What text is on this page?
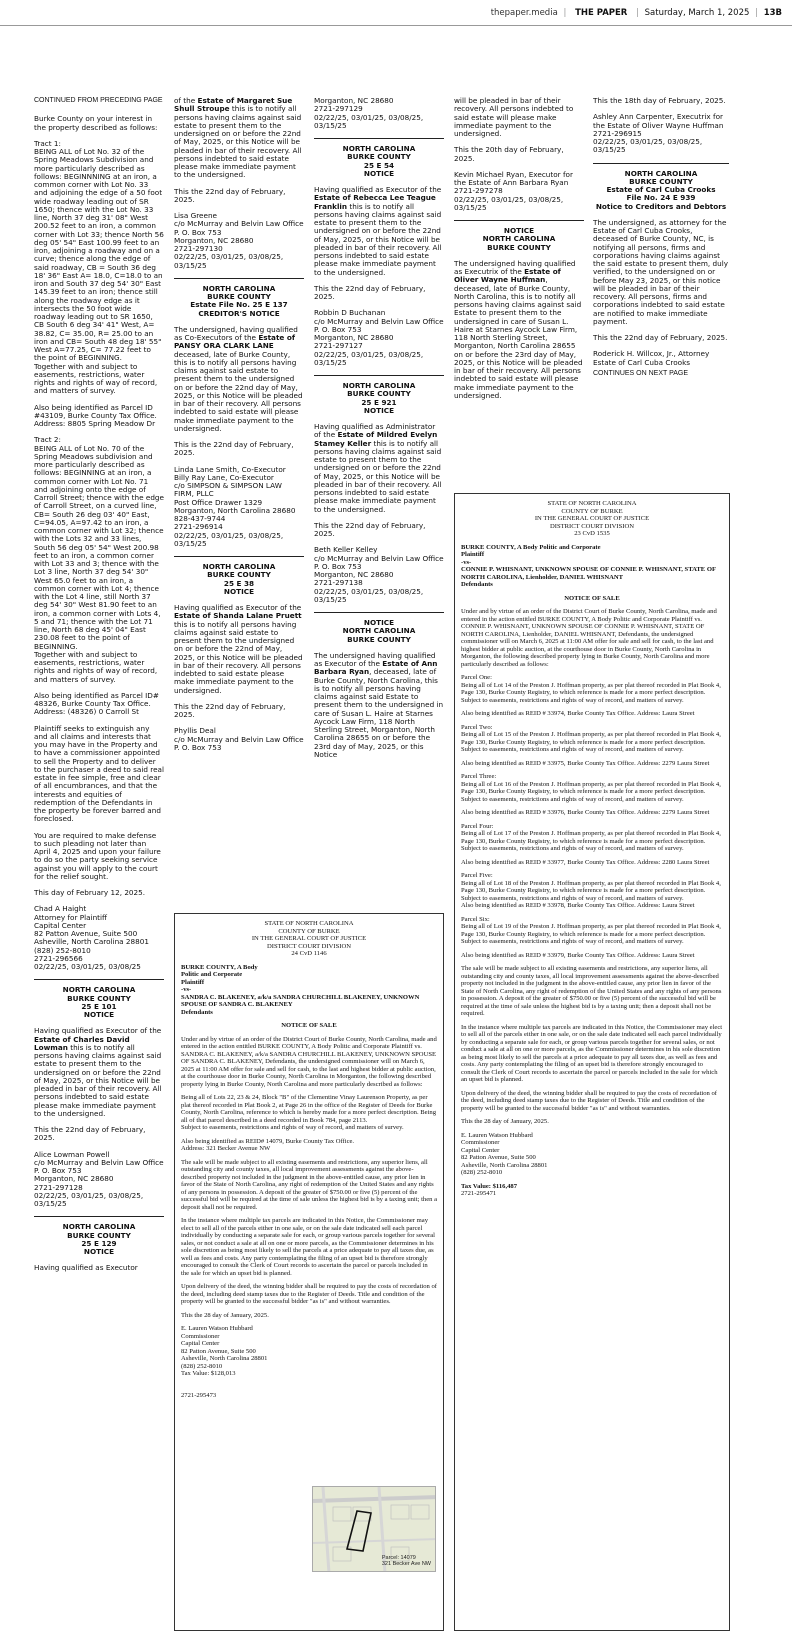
thepaper.media | THE PAPER | Saturday, March 1, 2025 | 13B
CONTINUED FROM PRECEDING PAGE

Burke County on your interest in the property described as follows:

Tract 1:

BEING ALL of Lot No. 32 of the Spring Meadows Subdivision and more particularly described as follows: BEGINNNING at an iron, a common corner with Lot No. 33 and adjoining the edge of a 50 foot wide roadway leading out of SR 1650; thence with the Lot No. 33 line, North 37 deg 31' 08" West 200.52 feet to an iron, a common corner with Lot 33; thence North 56 deg 05' 54" East 100.99 feet to an iron, adjoining a roadway and on a curve; thence along the edge of said roadway, CB = South 36 deg 18' 36" East A= 18.0, C=18.0 to an iron and South 37 deg 54' 30" East 145.39 feet to an iron; thence still along the roadway edge as it intersects the 50 foot wide roadway leading out to SR 1650, CB South 6 deg 34' 41" West, A= 38.82, C= 35.00, R= 25.00 to an iron and CB= South 48 deg 18' 55" West A=77.25, C= 77.22 feet to the point of BEGINNING.

Together with and subject to easements, restrictions, water rights and rights of way of record, and matters of survey.

Also being identified as Parcel ID #43109, Burke County Tax Office.

Address: 8805 Spring Meadow Dr

Tract 2:

BEING ALL of Lot No. 70 of the Spring Meadows subdivision and more particularly described as follows: BEGINNING at an iron, a common corner with Lot No. 71 and adjoining onto the edge of Carroll Street; thence with the edge of Carroll Street, on a curved line, CB= South 26 deg 03' 40" East, C=94.05, A=97.42 to an iron, a common corner with Lot 32; thence with the Lots 32 and 33 lines, South 56 deg 05' 54" West 200.98 feet to an iron, a common corner with Lot 33 and 3; thence with the Lot 3 line, North 37 deg 54' 30" West 65.0 feet to an iron, a common corner with Lot 4; thence with the Lot 4 line, still North 37 deg 54' 30" West 81.90 feet to an iron, a common corner with Lots 4, 5 and 71; thence with the Lot 71 line, North 68 deg 45' 04" East 230.08 feet to the point of BEGINNING.

Together with and subject to easements, restrictions, water rights and rights of way of record, and matters of survey.

Also being identified as Parcel ID# 48326, Burke County Tax Office.

Address: (48326) 0 Carroll St

Plaintiff seeks to extinguish any and all claims and interests that you may have in the Property and to have a commissioner appointed to sell the Property and to deliver to the purchaser a deed to said real estate in fee simple, free and clear of all encumbrances, and that the interests and equities of redemption of the Defendants in the property be forever barred and foreclosed.

You are required to make defense to such pleading not later than April 4, 2025 and upon your failure to do so the party seeking service against you will apply to the court for the relief sought.

This day of February 12, 2025.

Chad A Haight
Attorney for Plaintiff
Capital Center
82 Patton Avenue, Suite 500
Asheville, North Carolina 28801
(828) 252-8010
2721-296566
02/22/25, 03/01/25, 03/08/25

NORTH CAROLINA
BURKE COUNTY
25 E 101
NOTICE

Having qualified as Executor of the Estate of Charles David Lowman this is to notify all persons having claims against said estate to present them to the undersigned on or before the 22nd of May, 2025, or this Notice will be pleaded in bar of their recovery. All persons indebted to said estate please make immediate payment to the undersigned.

This the 22nd day of February, 2025.

Alice Lowman Powell
c/o McMurray and Belvin Law Office
P. O. Box 753
Morganton, NC 28680
2721-297128
02/22/25, 03/01/25, 03/08/25, 03/15/25

NORTH CAROLINA
BURKE COUNTY
25 E 129
NOTICE

Having qualified as Executor

of the Estate of Margaret Sue Shull Stroupe this is to notify all persons having claims against said estate to present them to the undersigned on or before the 22nd of May, 2025, or this Notice will be pleaded in bar of their recovery. All persons indebted to said estate please make immediate payment to the undersigned.

This the 22nd day of February, 2025.

Lisa Greene
c/o McMurray and Belvin Law Office
P. O. Box 753
Morganton, NC 28680
2721-297130
02/22/25, 03/01/25, 03/08/25, 03/15/25

NORTH CAROLINA
BURKE COUNTY
Estate File No. 25 E 137
CREDITOR'S NOTICE

The undersigned, having qualified as Co-Executors of the Estate of PANSY ORA CLARK LANE deceased, late of Burke County, this is to notify all persons having claims against said estate to present them to the undersigned on or before the 22nd day of May, 2025, or this Notice will be pleaded in bar of their recovery. All persons indebted to said estate will please make immediate payment to the undersigned.

This is the 22nd day of February, 2025.

Linda Lane Smith, Co-Executor
Billy Ray Lane, Co-Executor
c/o SIMPSON & SIMPSON LAW FIRM, PLLC
Post Office Drawer 1329
Morganton, North Carolina 28680
828-437-9744
2721-296914
02/22/25, 03/01/25, 03/08/25, 03/15/25

NORTH CAROLINA
BURKE COUNTY
25 E 38
NOTICE

Having qualified as Executor of the Estate of Shanda Lalane Pruett this is to notify all persons having claims against said estate to present them to the undersigned on or before the 22nd of May, 2025, or this Notice will be pleaded in bar of their recovery. All persons indebted to said estate please make immediate payment to the undersigned.

This the 22nd day of February, 2025.

Phyllis Deal
c/o McMurray and Belvin Law Office
P. O. Box 753

Morganton, NC 28680
2721-297129
02/22/25, 03/01/25, 03/08/25, 03/15/25

NORTH CAROLINA
BURKE COUNTY
25 E 54
NOTICE

Having qualified as Executor of the Estate of Rebecca Lee Teague Franklin this is to notify all persons having claims against said estate to present them to the undersigned on or before the 22nd of May, 2025, or this Notice will be pleaded in bar of their recovery. All persons indebted to said estate please make immediate payment to the undersigned.

This the 22nd day of February, 2025.

Robbin D Buchanan
c/o McMurray and Belvin Law Office
P. O. Box 753
Morganton, NC 28680
2721-297127
02/22/25, 03/01/25, 03/08/25, 03/15/25

NORTH CAROLINA
BURKE COUNTY
25 E 921
NOTICE

Having qualified as Administrator of the Estate of Mildred Evelyn Stamey Keller this is to notify all persons having claims against said estate to present them to the undersigned on or before the 22nd of May, 2025, or this Notice will be pleaded in bar of their recovery. All persons indebted to said estate please make immediate payment to the undersigned.

This the 22nd day of February, 2025.

Beth Keller Kelley
c/o McMurray and Belvin Law Office
P. O. Box 753
Morganton, NC 28680
2721-297138
02/22/25, 03/01/25, 03/08/25, 03/15/25

NOTICE
NORTH CAROLINA
BURKE COUNTY

The undersigned having qualified as Executor of the Estate of Ann Barbara Ryan, deceased, late of Burke County, North Carolina, this is to notify all persons having claims against said Estate to present them to the undersigned in care of Susan L. Haire at Starnes Aycock Law Firm, 118 North Sterling Street, Morganton, North Carolina 28655 on or before the 23rd day of May, 2025, or this Notice

will be pleaded in bar of their recovery. All persons indebted to said estate will please make immediate payment to the undersigned.

This the 20th day of February, 2025.

Kevin Michael Ryan, Executor for the Estate of Ann Barbara Ryan
2721-297278
02/22/25, 03/01/25, 03/08/25, 03/15/25

NOTICE
NORTH CAROLINA
BURKE COUNTY

The undersigned having qualified as Executrix of the Estate of Oliver Wayne Huffman, deceased, late of Burke County, North Carolina, this is to notify all persons having claims against said Estate to present them to the undersigned in care of Susan L. Haire at Starnes Aycock Law Firm, 118 North Sterling Street, Morganton, North Carolina 28655 on or before the 23rd day of May, 2025, or this Notice will be pleaded in bar of their recovery. All persons indebted to said estate will please make immediate payment to the undersigned.

This the 18th day of February, 2025.

Ashley Ann Carpenter, Executrix for the Estate of Oliver Wayne Huffman
2721-296915
02/22/25, 03/01/25, 03/08/25, 03/15/25

NORTH CAROLINA
BURKE COUNTY
Estate of Carl Cuba Crooks
File No. 24 E 939
Notice to Creditors and Debtors

The undersigned, as attorney for the Estate of Carl Cuba Crooks, deceased of Burke County, NC, is notifying all persons, firms and corporations having claims against the said estate to present them, duly verified, to the undersigned on or before May 23, 2025, or this notice will be pleaded in bar of their recovery. All persons, firms and corporations indebted to said estate are notified to make immediate payment.

This the 22nd day of February, 2025.

Roderick H. Willcox, Jr., Attorney
Estate of Carl Cuba Crooks

CONTINUES ON NEXT PAGE
STATE OF NORTH CAROLINA
COUNTY OF BURKE
IN THE GENERAL COURT OF JUSTICE
DISTRICT COURT DIVISION
24 CvD 1146
BURKE COUNTY, A Body
Politic and Corporate
Plaintiff
-vs-
SANDRA C. BLAKENEY, a/k/a SANDRA CHURCHILL BLAKENEY, UNKNOWN SPOUSE OF SANDRA C. BLAKENEY
Defendants
NOTICE OF SALE

Under and by virtue of an order of the District Court of Burke County, North Carolina, made and entered in the action entitled BURKE COUNTY, A Body Politic and Corporate Plaintiff vs. SANDRA C. BLAKENEY, a/k/a SANDRA CHURCHILL BLAKENEY, UNKNOWN SPOUSE OF SANDRA C. BLAKENEY, Defendants, the undersigned commissioner will on March 6, 2025 at 11:00 AM offer for sale and sell for cash, to the last and highest bidder at public auction, at the courthouse door in Burke County, North Carolina in Morganton, the following described property lying in Burke County, North Carolina and more particularly described as follows:

Being all of Lots 22, 23 & 24, Block "B" of the Clementine Vinay Laurenson Property, as per plat thereof recorded in Plat Book 2, at Page 26 in the office of the Register of Deeds for Burke County, North Carolina, reference to which is hereby made for a more perfect description. Being all of that parcel described in a deed recorded in Book 784, page 2113.

Subject to easements, restrictions and rights of way of record, and matters of survey.

Also being identified as REID# 14079, Burke County Tax Office.

Address: 321 Becker Avenue NW

The sale will be made subject to all existing easements and restrictions, any superior liens, all outstanding city and county taxes, all local improvement assessments against the above-described property not included in the judgment in the above-entitled cause, any prior lien in favor of the State of North Carolina, any right of redemption of the United States and any rights of any persons in possession. A deposit of the greater of $750.00 or five (5) percent of the successful bid will be required at the time of sale unless the highest bid is by a taxing unit; then a deposit shall not be required.

In the instance where multiple tax parcels are indicated in this Notice, the Commissioner may elect to sell all of the parcels either in one sale, or on the sale date indicated sell each parcel individually by conducting a separate sale for each, or group various parcels together for several sales, or not conduct a sale at all on one or more parcels, as the Commissioner determines in his sole discretion as being most likely to sell the parcels at a price adequate to pay all taxes due, as well as fees and costs. Any party contemplating the filing of an upset bid is therefore strongly encouraged to consult the Clerk of Court records to ascertain the parcel or parcels included in the sale for which an upset bid is planned.

Upon delivery of the deed, the winning bidder shall be required to pay the costs of recordation of the deed, including deed stamp taxes due to the Register of Deeds. Title and condition of the property will be granted to the successful bidder "as is" and without warranties.

This the 28 day of January, 2025.

E. Lauren Watson Hubbard
Commissioner
Capital Center
82 Patton Avenue, Suite 500
Asheville, North Carolina 28801
(828) 252-8010
Tax Value: $128,013

2721-295473

Parcel: 14079
321 Becker Ave NW
STATE OF NORTH CAROLINA
COUNTY OF BURKE
IN THE GENERAL COURT OF JUSTICE
DISTRICT COURT DIVISION
23 CvD 1535
BURKE COUNTY, A Body Politic and Corporate
Plaintiff
-vs-
CONNIE P. WHISNANT, UNKNOWN SPOUSE OF CONNIE P. WHISNANT, STATE OF NORTH CAROLINA, Lienholder, DANIEL WHISNANT
Defendants
NOTICE OF SALE

Under and by virtue of an order of the District Court of Burke County, North Carolina, made and entered in the action entitled BURKE COUNTY, A Body Politic and Corporate Plaintiff vs. CONNIE P. WHISNANT, UNKNOWN SPOUSE OF CONNIE P. WHISNANT, STATE OF NORTH CAROLINA, Lienholder, DANIEL WHISNANT, Defendants, the undersigned commissioner will on March 6, 2025 at 11:00 AM offer for sale and sell for cash, to the last and highest bidder at public auction, at the courthouse door in Burke County, North Carolina in Morganton, the following described property lying in Burke County, North Carolina and more particularly described as follows:

Parcel One:

Being all of Lot 14 of the Preston J. Hoffman property, as per plat thereof recorded in Plat Book 4, Page 130, Burke County Registry, to which reference is made for a more perfect description.

Subject to easements, restrictions and rights of way of record, and matters of survey.

Also being identified as REID # 33974, Burke County Tax Office. Address: Laura Street

Parcel Two:

Being all of Lot 15 of the Preston J. Hoffman property, as per plat thereof recorded in Plat Book 4, Page 130, Burke County Registry, to which reference is made for a more perfect description.

Subject to easements, restrictions and rights of way of record, and matters of survey.

Also being identified as REID # 33975, Burke County Tax Office. Address: 2279 Laura Street

Parcel Three:

Being all of Lot 16 of the Preston J. Hoffman property, as per plat thereof recorded in Plat Book 4, Page 130, Burke County Registry, to which reference is made for a more perfect description.

Subject to easements, restrictions and rights of way of record, and matters of survey.

Also being identified as REID # 33976, Burke County Tax Office. Address: 2279 Laura Street

Parcel Four:

Being all of Lot 17 of the Preston J. Hoffman property, as per plat thereof recorded in Plat Book 4, Page 130, Burke County Registry, to which reference is made for a more perfect description.

Subject to easements, restrictions and rights of way of record, and matters of survey.

Also being identified as REID # 33977, Burke County Tax Office. Address: 2280 Laura Street

Parcel Five:

Being all of Lot 18 of the Preston J. Hoffman property, as per plat thereof recorded in Plat Book 4, Page 130, Burke County Registry, to which reference is made for a more perfect description.

Subject to easements, restrictions and rights of way of record, and matters of survey.

Also being identified as REID # 33978, Burke County Tax Office. Address: Laura Street

Parcel Six:

Being all of Lot 19 of the Preston J. Hoffman property, as per plat thereof recorded in Plat Book 4, Page 130, Burke County Registry, to which reference is made for a more perfect description.

Subject to easements, restrictions and rights of way of record, and matters of survey.

Also being identified as REID # 33979, Burke County Tax Office. Address: Laura Street

The sale will be made subject to all existing easements and restrictions, any superior liens, all outstanding city and county taxes, all local improvement assessments against the above-described property not included in the judgment in the above-entitled cause, any prior lien in favor of the State of North Carolina, any right of redemption of the United States and any rights of any persons in possession. A deposit of the greater of $750.00 or five (5) percent of the successful bid will be required at the time of sale unless the highest bid is by a taxing unit; then a deposit shall not be required.

In the instance where multiple tax parcels are indicated in this Notice, the Commissioner may elect to sell all of the parcels either in one sale, or on the sale date indicated sell each parcel individually by conducting a separate sale for each, or group various parcels together for several sales, or not conduct a sale at all on one or more parcels, as the Commissioner determines in his sole discretion as being most likely to sell the parcels at a price adequate to pay all taxes due, as well as fees and costs. Any party contemplating the filing of an upset bid is therefore strongly encouraged to consult the Clerk of Court records to ascertain the parcel or parcels included in the sale for which an upset bid is planned.

Upon delivery of the deed, the winning bidder shall be required to pay the costs of recordation of the deed, including deed stamp taxes due to the Register of Deeds. Title and condition of the property will be granted to the successful bidder "as is" and without warranties.

This the 28 day of January, 2025.

E. Lauren Watson Hubbard
Commissioner
Capital Center
82 Patton Avenue, Suite 500
Asheville, North Carolina 28801
(828) 252-8010

Tax Value: $116,487

2721-295471
